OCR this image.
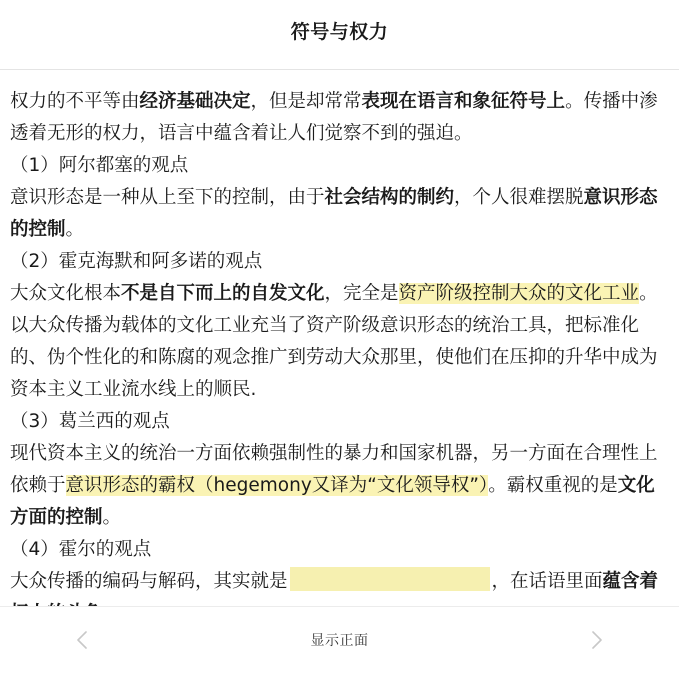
符号与权力

权力的不平等由经济基础决定，但是却常常表现在语言和象征符号上。传播中渗透着无形的权力，语言中蕴含着让人们觉察不到的强迫。

（1）阿尔都塞的观点

意识形态是一种从上至下的控制，由于社会结构的制约，个人很难摆脱意识形态的控制。

（2）霍克海默和阿多诺的观点

大众文化根本不是自下而上的自发文化，完全是资产阶级控制大众的文化工业。以大众传播为载体的文化工业充当了资产阶级意识形态的统治工具，把标准化的、伪个性化的和陈腐的观念推广到劳动大众那里，使他们在压抑的升华中成为资本主义工业流水线上的顺民.

（3）葛兰西的观点

现代资本主义的统治一方面依赖强制性的暴力和国家机器，另一方面在合理性上依赖于意识形态的霸权（hegemony又译为“文化领导权”）。霸权重视的是文化方面的控制。

（4）霍尔的观点

大众传播的编码与解码，其实就是	，在话语里面蕴含着

显示正面
